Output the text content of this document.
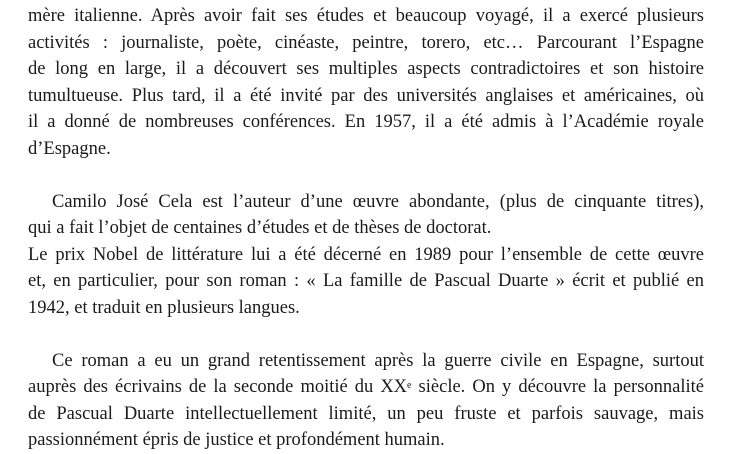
mère italienne. Après avoir fait ses études et beaucoup voyagé, il a exercé plusieurs
activités : journaliste, poète, cinéaste, peintre, torero, etc… Parcourant l’Espagne
de long en large, il a découvert ses multiples aspects contradictoires et son histoire
tumultueuse. Plus tard, il a été invité par des universités anglaises et américaines, où
il a donné de nombreuses conférences. En 1957, il a été admis à l’Académie royale
d’Espagne.
Camilo José Cela est l’auteur d’une œuvre abondante, (plus de cinquante titres),
qui a fait l’objet de centaines d’études et de thèses de doctorat.
Le prix Nobel de littérature lui a été décerné en 1989 pour l’ensemble de cette œuvre
et, en particulier, pour son roman : « La famille de Pascual Duarte » écrit et publié en
1942, et traduit en plusieurs langues.
Ce roman a eu un grand retentissement après la guerre civile en Espagne, surtout
auprès des écrivains de la seconde moitié du XXe siècle. On y découvre la personnalité
de Pascual Duarte intellectuellement limité, un peu fruste et parfois sauvage, mais
passionnément épris de justice et profondément humain.
